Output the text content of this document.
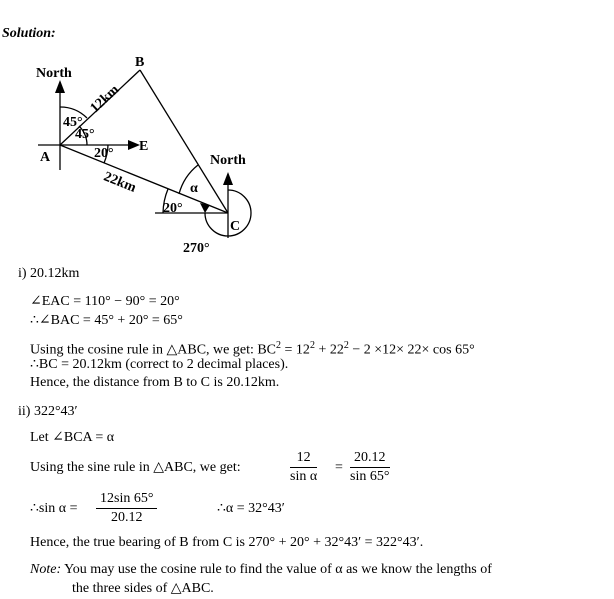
Solution:
North
B
12km
45°
45°
A
E
20°
22km
North
α
20°
C
270°
i) 20.12km
∠EAC = 110° − 90° = 20°
∴∠BAC = 45° + 20° = 65°
Using the cosine rule in △ABC, we get: $BC^2 = 12^2 + 22^2 - 2 \times 12\times 22\times \cos 65^\circ$
∴BC = 20.12km (correct to 2 decimal places).
Hence, the distance from B to C is 20.12km.
ii) 322°43′
Let ∠BCA = α
Using the sine rule in △ABC, we get:	$\frac{12}{\text{sin α}} = \frac{20.12}{\sin 65^\circ}$
∴sin $\alpha = \frac{12\sin 65^\circ}{20.12}$	∴α = 32°43′
Hence, the true bearing of B from C is 270° + 20° + 32°43′ = 322°43′.
Note: You may use the cosine rule to find the value of α as we know the lengths of
the three sides of △ABC.
